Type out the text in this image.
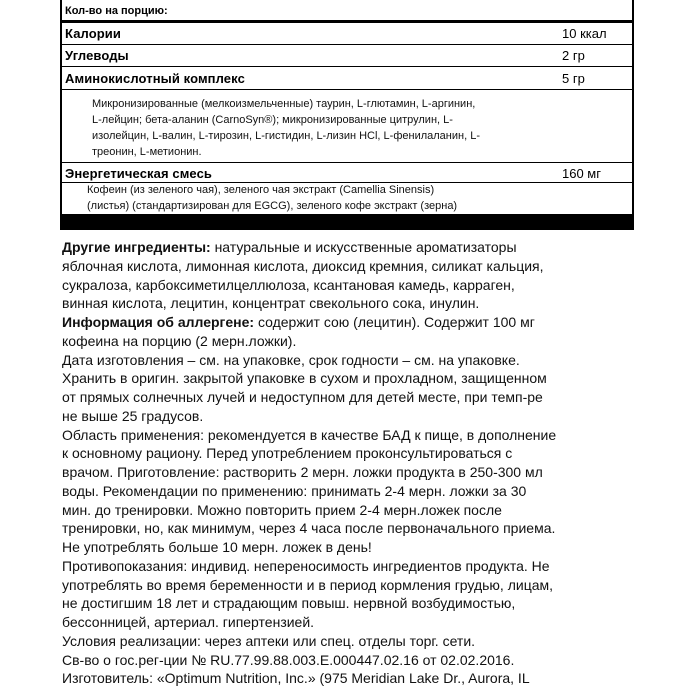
Кол-во на порцию:
Калории	10 ккал
Углеводы	2 гр
Аминокислотный комплекс	5 гр
Микронизированные (мелкоизмельченные) таурин, L-глютамин, L-аргинин,
L-лейцин; бета-аланин (CarnoSyn®); микронизированные цитрулин, L-
изолейцин, L-валин, L-тирозин, L-гистидин, L-лизин HCl, L-фенилаланин, L-
треонин, L-метионин.
Энергетическая смесь	160 мг
Кофеин (из зеленого чая), зеленого чая экстракт (Camellia Sinensis)
(листья) (стандартизирован для EGCG), зеленого кофе экстракт (зерна)

Другие ингредиенты: натуральные и искусственные ароматизаторы

яблочная кислота, лимонная кислота, диоксид кремния, силикат кальция,

сукралоза, карбоксиметилцеллюлоза, ксантановая камедь, карраген,

винная кислота, лецитин, концентрат свекольного сока, инулин.

Информация об аллергене: содержит сою (лецитин). Содержит 100 мг

кофеина на порцию (2 мерн.ложки).

Дата изготовления – см. на упаковке, срок годности – см. на упаковке.

Хранить в оригин. закрытой упаковке в сухом и прохладном, защищенном

от прямых солнечных лучей и недоступном для детей месте, при темп-ре

не выше 25 градусов.

Область применения: рекомендуется в качестве БАД к пище, в дополнение

к основному рациону. Перед употреблением проконсультироваться с

врачом. Приготовление: растворить 2 мерн. ложки продукта в 250-300 мл

воды. Рекомендации по применению: принимать 2-4 мерн. ложки за 30

мин. до тренировки. Можно повторить прием 2-4 мерн.ложек после

тренировки, но, как минимум, через 4 часа после первоначального приема.

Не употреблять больше 10 мерн. ложек в день!

Противопоказания: индивид. непереносимость ингредиентов продукта. Не

употреблять во время беременности и в период кормления грудью, лицам,

не достигшим 18 лет и страдающим повыш. нервной возбудимостью,

бессонницей, артериал. гипертензией.

Условия реализации: через аптеки или спец. отделы торг. сети.

Св-во о гос.рег-ции № RU.77.99.88.003.Е.000447.02.16 от 02.02.2016.

Изготовитель: «Optimum Nutrition, Inc.» (975 Meridian Lake Dr., Aurora, IL
